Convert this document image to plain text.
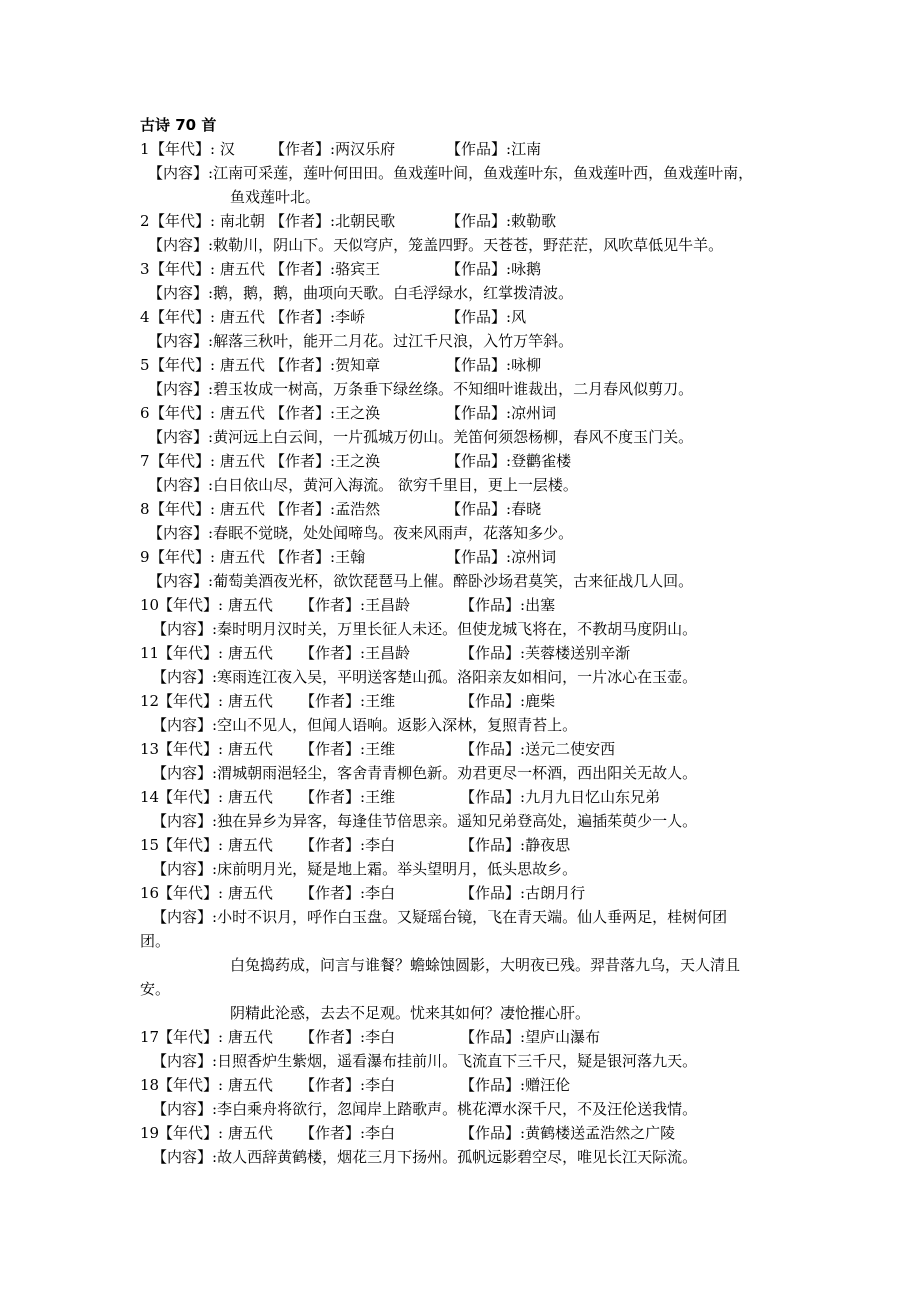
古诗 70 首
1 【年代】: 汉 【作者】:两汉乐府	【作品】:江南
【内容】:江南可采莲，莲叶何田田。鱼戏莲叶间，鱼戏莲叶东，鱼戏莲叶西，鱼戏莲叶南，
鱼戏莲叶北。
2 【年代】: 南北朝 【作者】:北朝民歌	【作品】:敕勒歌
【内容】:敕勒川，阴山下。天似穹庐，笼盖四野。天苍苍，野茫茫，风吹草低见牛羊。
3 【年代】: 唐五代 【作者】:骆宾王	【作品】:咏鹅
【内容】:鹅，鹅，鹅，曲项向天歌。白毛浮绿水，红掌拨清波。
4 【年代】: 唐五代 【作者】:李峤	【作品】:风
【内容】:解落三秋叶，能开二月花。过江千尺浪，入竹万竿斜。
5 【年代】: 唐五代 【作者】:贺知章	【作品】:咏柳
【内容】:碧玉妆成一树高，万条垂下绿丝绦。不知细叶谁裁出，二月春风似剪刀。
6 【年代】: 唐五代 【作者】:王之涣	【作品】:凉州词
【内容】:黄河远上白云间，一片孤城万仞山。羌笛何须怨杨柳，春风不度玉门关。
7 【年代】: 唐五代 【作者】:王之涣	【作品】:登鹳雀楼
【内容】:白日依山尽，黄河入海流。 欲穷千里目，更上一层楼。
8 【年代】: 唐五代 【作者】:孟浩然	【作品】:春晓
【内容】:春眠不觉晓，处处闻啼鸟。夜来风雨声，花落知多少。
9 【年代】: 唐五代 【作者】:王翰	【作品】:凉州词
【内容】:葡萄美酒夜光杯，欲饮琵琶马上催。醉卧沙场君莫笑，古来征战几人回。
10
【年代】: 唐五代 【作者】:王昌龄	【作品】:出塞
【内容】:秦时明月汉时关，万里长征人未还。但使龙城飞将在，不教胡马度阴山。
11
【年代】: 唐五代 【作者】:王昌龄	【作品】:芙蓉楼送别辛渐
【内容】:寒雨连江夜入吴，平明送客楚山孤。洛阳亲友如相问，一片冰心在玉壶。
12
【年代】: 唐五代 【作者】:王维	【作品】:鹿柴
【内容】:空山不见人，但闻人语响。返影入深林，复照青苔上。
13
【年代】: 唐五代 【作者】:王维	【作品】:送元二使安西
【内容】:渭城朝雨浥轻尘，客舍青青柳色新。劝君更尽一杯酒，西出阳关无故人。
14
【年代】: 唐五代 【作者】:王维	【作品】:九月九日忆山东兄弟
【内容】:独在异乡为异客，每逢佳节倍思亲。遥知兄弟登高处，遍插茱萸少一人。
15
【年代】: 唐五代 【作者】:李白	【作品】:静夜思
【内容】:床前明月光，疑是地上霜。举头望明月，低头思故乡。
16
【年代】: 唐五代 【作者】:李白	【作品】:古朗月行
【内容】:小时不识月，呼作白玉盘。又疑瑶台镜，飞在青天端。仙人垂两足，桂树何团
团。
白兔捣药成，问言与谁餐？蟾蜍蚀圆影，大明夜已残。羿昔落九乌，天人清且
安。
阴精此沦惑，去去不足观。忧来其如何？凄怆摧心肝。
17
【年代】: 唐五代 【作者】:李白	【作品】:望庐山瀑布
【内容】:日照香炉生紫烟，遥看瀑布挂前川。飞流直下三千尺，疑是银河落九天。
18
【年代】: 唐五代 【作者】:李白	【作品】:赠汪伦
【内容】:李白乘舟将欲行，忽闻岸上踏歌声。桃花潭水深千尺，不及汪伦送我情。
19
【年代】: 唐五代 【作者】:李白	【作品】:黄鹤楼送孟浩然之广陵
【内容】:故人西辞黄鹤楼，烟花三月下扬州。孤帆远影碧空尽，唯见长江天际流。
